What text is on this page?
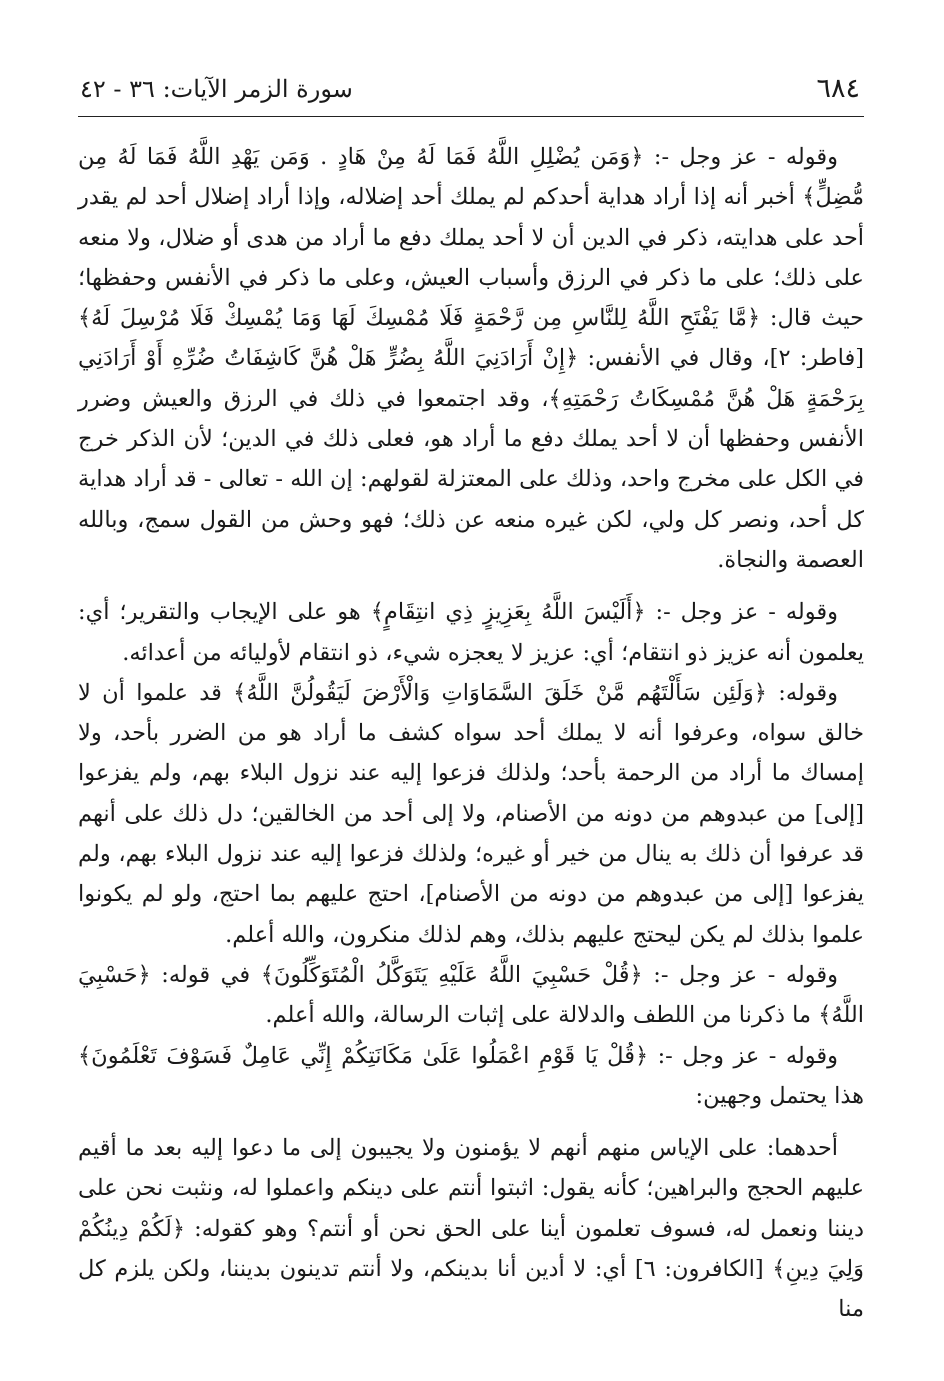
٦٨٤
سورة الزمر الآيات: ٣٦ - ٤٢

وقوله - عز وجل -: ﴿وَمَن يُضْلِلِ اللَّهُ فَمَا لَهُ مِنْ هَادٍ . وَمَن يَهْدِ اللَّهُ فَمَا لَهُ مِن مُّضِلٍّ﴾ أخبر أنه إذا أراد هداية أحدكم لم يملك أحد إضلاله، وإذا أراد إضلال أحد لم يقدر أحد على هدايته، ذكر في الدين أن لا أحد يملك دفع ما أراد من هدى أو ضلال، ولا منعه على ذلك؛ على ما ذكر في الرزق وأسباب العيش، وعلى ما ذكر في الأنفس وحفظها؛ حيث قال: ﴿مَّا يَفْتَحِ اللَّهُ لِلنَّاسِ مِن رَّحْمَةٍ فَلَا مُمْسِكَ لَهَا وَمَا يُمْسِكْ فَلَا مُرْسِلَ لَهُ﴾ [فاطر: ٢]، وقال في الأنفس: ﴿إِنْ أَرَادَنِيَ اللَّهُ بِضُرٍّ هَلْ هُنَّ كَاشِفَاتُ ضُرِّهِ أَوْ أَرَادَنِي بِرَحْمَةٍ هَلْ هُنَّ مُمْسِكَاتُ رَحْمَتِهِ﴾، وقد اجتمعوا في ذلك في الرزق والعيش وضرر الأنفس وحفظها أن لا أحد يملك دفع ما أراد هو، فعلى ذلك في الدين؛ لأن الذكر خرج في الكل على مخرج واحد، وذلك على المعتزلة لقولهم: إن الله - تعالى - قد أراد هداية كل أحد، ونصر كل ولي، لكن غيره منعه عن ذلك؛ فهو وحش من القول سمج، وبالله العصمة والنجاة.

وقوله - عز وجل -: ﴿أَلَيْسَ اللَّهُ بِعَزِيزٍ ذِي انتِقَامٍ﴾ هو على الإيجاب والتقرير؛ أي: يعلمون أنه عزيز ذو انتقام؛ أي: عزيز لا يعجزه شيء، ذو انتقام لأوليائه من أعدائه.

وقوله: ﴿وَلَئِن سَأَلْتَهُم مَّنْ خَلَقَ السَّمَاوَاتِ وَالْأَرْضَ لَيَقُولُنَّ اللَّهُ﴾ قد علموا أن لا خالق سواه، وعرفوا أنه لا يملك أحد سواه كشف ما أراد هو من الضرر بأحد، ولا إمساك ما أراد من الرحمة بأحد؛ ولذلك فزعوا إليه عند نزول البلاء بهم، ولم يفزعوا [إلى] من عبدوهم من دونه من الأصنام، ولا إلى أحد من الخالقين؛ دل ذلك على أنهم قد عرفوا أن ذلك به ينال من خير أو غيره؛ ولذلك فزعوا إليه عند نزول البلاء بهم، ولم يفزعوا [إلى من عبدوهم من دونه من الأصنام]، احتج عليهم بما احتج، ولو لم يكونوا علموا بذلك لم يكن ليحتج عليهم بذلك، وهم لذلك منكرون، والله أعلم.

وقوله - عز وجل -: ﴿قُلْ حَسْبِيَ اللَّهُ عَلَيْهِ يَتَوَكَّلُ الْمُتَوَكِّلُونَ﴾ في قوله: ﴿حَسْبِيَ اللَّهُ﴾ ما ذكرنا من اللطف والدلالة على إثبات الرسالة، والله أعلم.

وقوله - عز وجل -: ﴿قُلْ يَا قَوْمِ اعْمَلُوا عَلَىٰ مَكَانَتِكُمْ إِنِّي عَامِلٌ فَسَوْفَ تَعْلَمُونَ﴾ هذا يحتمل وجهين:

أحدهما: على الإياس منهم أنهم لا يؤمنون ولا يجيبون إلى ما دعوا إليه بعد ما أقيم عليهم الحجج والبراهين؛ كأنه يقول: اثبتوا أنتم على دينكم واعملوا له، ونثبت نحن على ديننا ونعمل له، فسوف تعلمون أينا على الحق نحن أو أنتم؟ وهو كقوله: ﴿لَكُمْ دِينُكُمْ وَلِيَ دِينِ﴾ [الكافرون: ٦] أي: لا أدين أنا بدينكم، ولا أنتم تدينون بديننا، ولكن يلزم كل منا
